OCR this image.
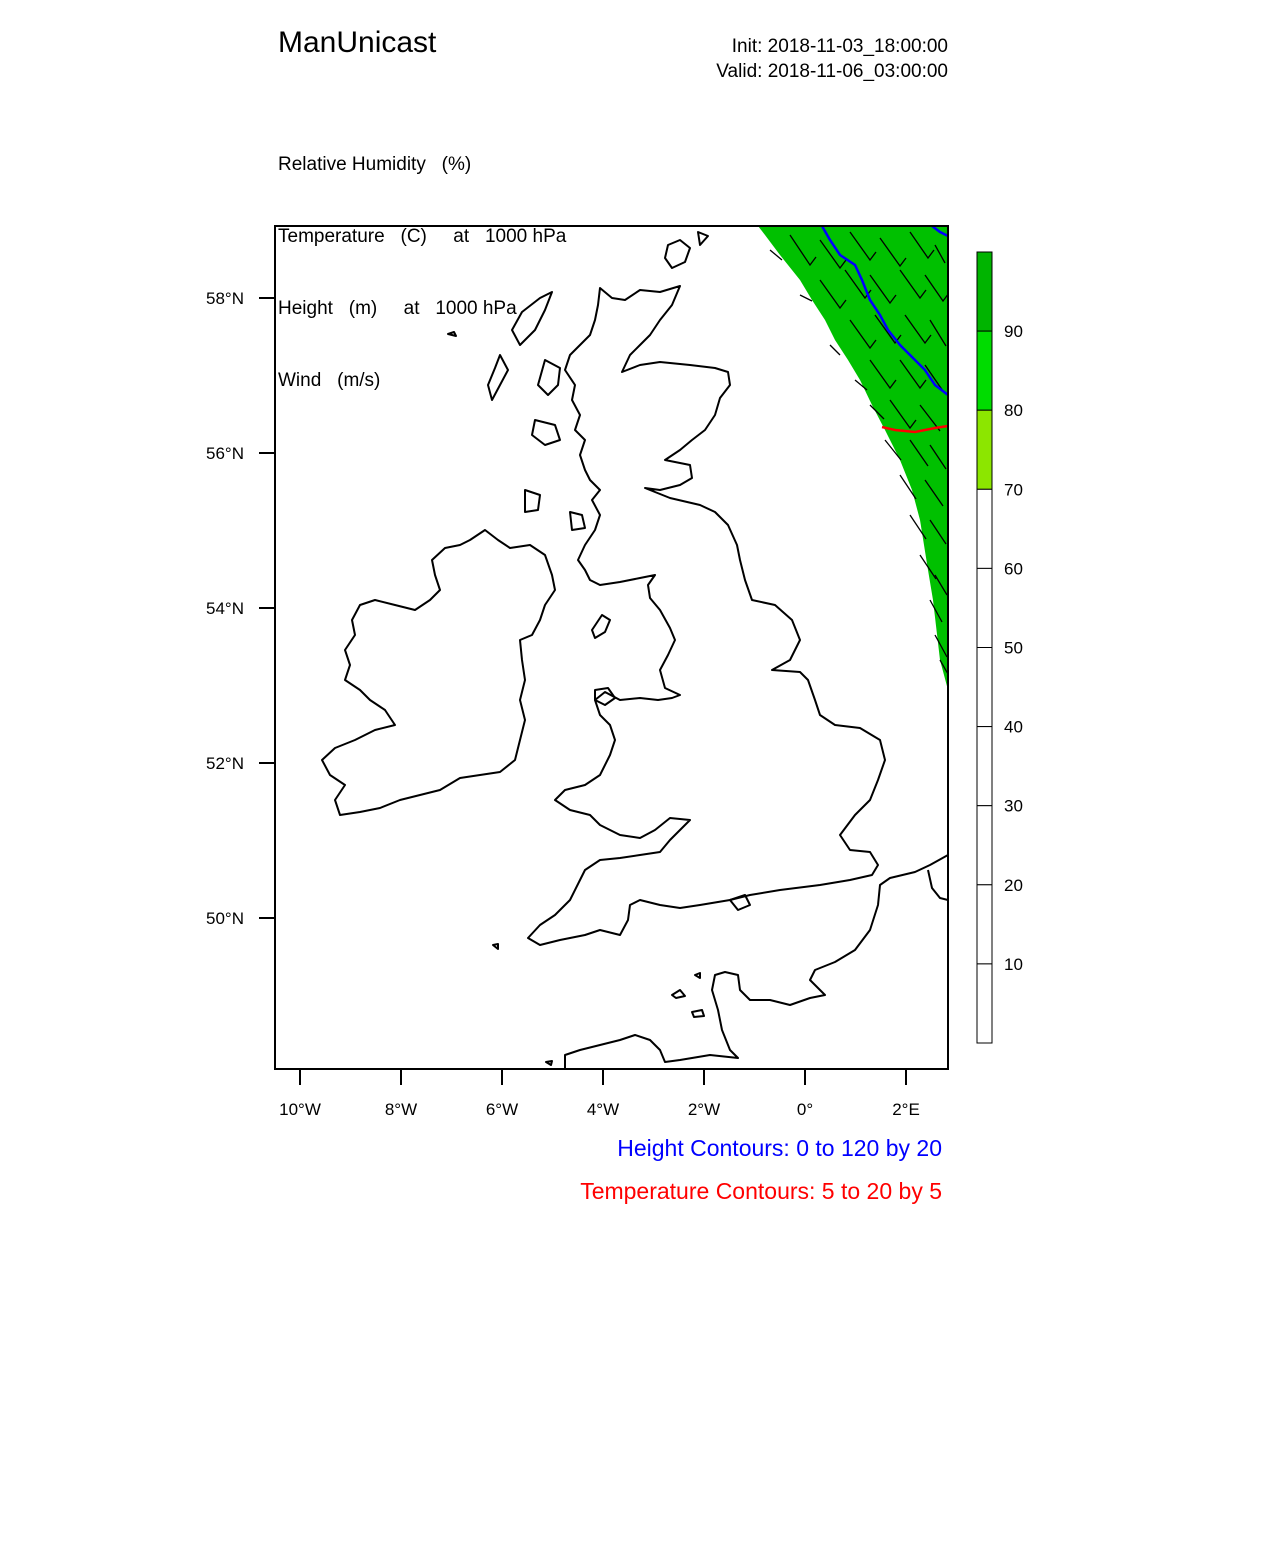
ManUnicast	Init: 2018-11-03_18:00:00
Valid: 2018-11-06_03:00:00

Relative Humidity   (%)

Temperature   (C)     at   1000 hPa

Height   (m)     at   1000 hPa

Wind   (m/s)

10°W	8°W	6°W	4°W	2°W	0°	2°E
58°N
56°N
54°N
52°N
50°N
90
80
70
60
50
40
30
20
10
Height Contours: 0 to 120 by 20
Temperature Contours: 5 to 20 by 5
